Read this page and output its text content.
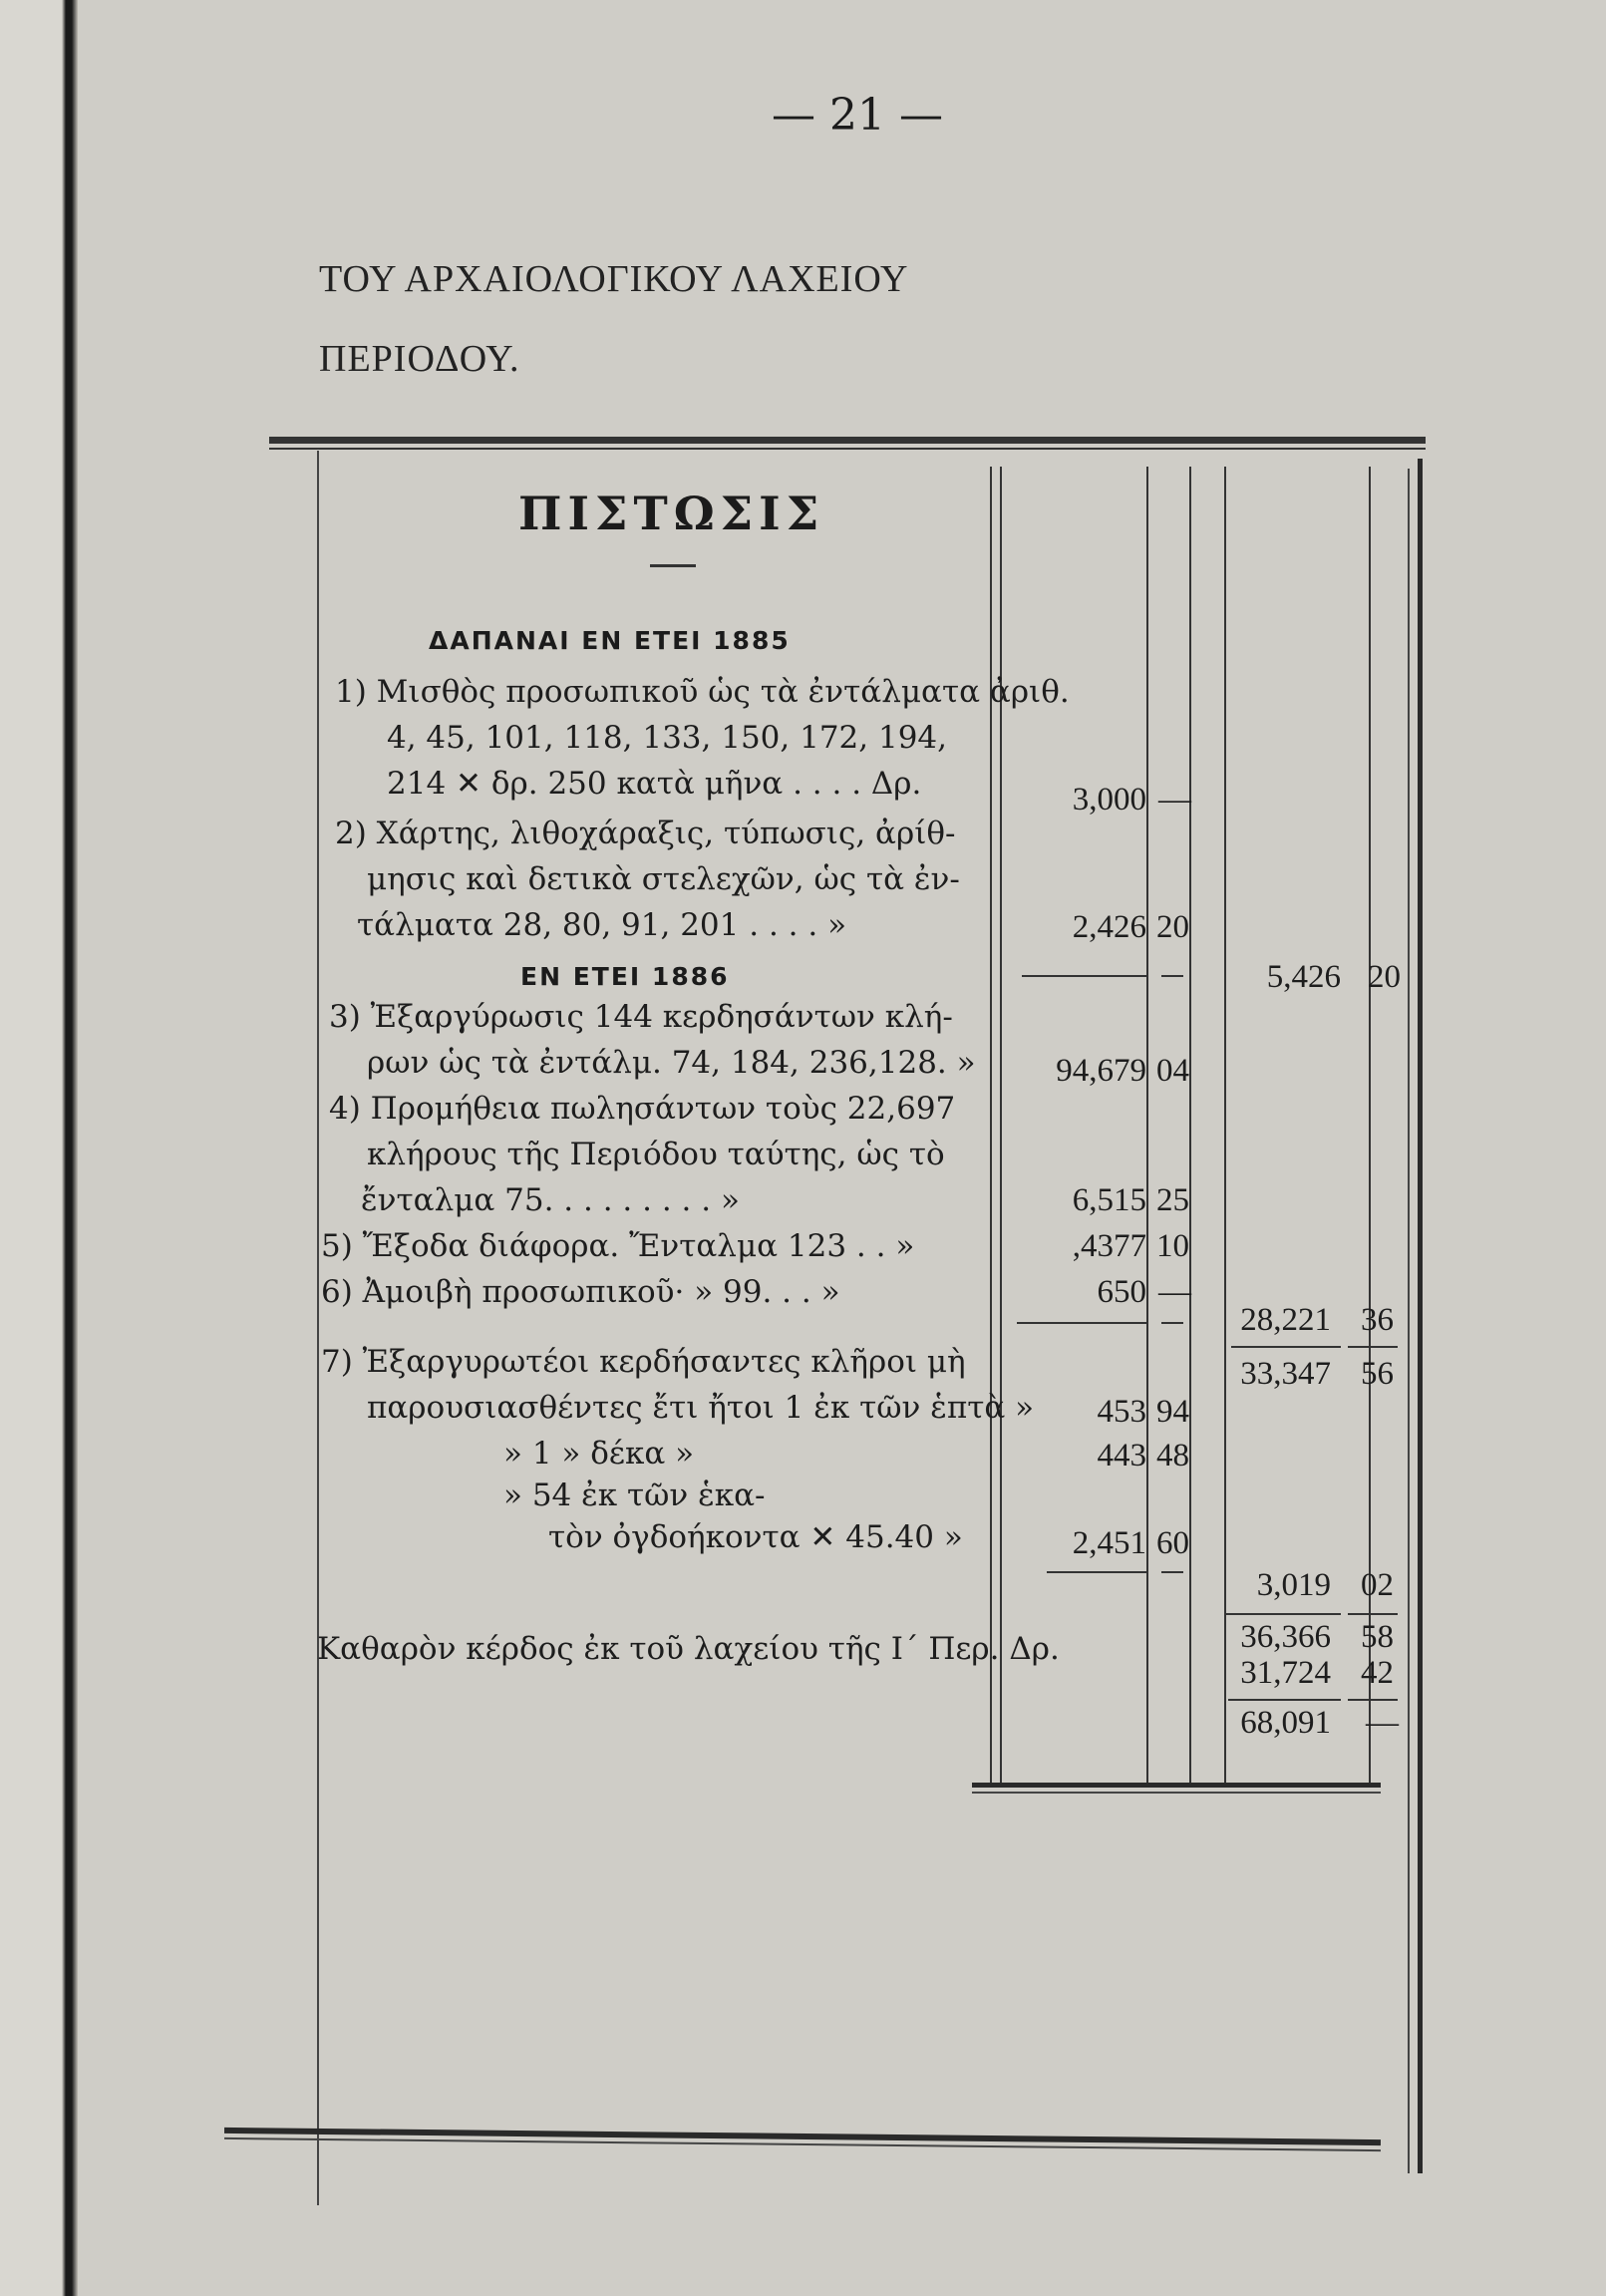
— 21 —
ΤΟΥ ΑΡΧΑΙΟΛΟΓΙΚΟΥ ΛΑΧΕΙΟΥ
ΠΕΡΙΟΔΟΥ.
ΠΙΣΤΩΣΙΣ
ΔΑΠΑΝΑΙ ΕΝ ΕΤΕΙ 1885
ΕΝ ΕΤΕΙ 1886
1) Μισθὸς προσωπικοῦ ὡς τὰ ἐντάλματα ἀριθ.
4, 45, 101, 118, 133, 150, 172, 194,
214 ✕ δρ. 250 κατὰ μῆνα . . . . Δρ.
2) Χάρτης, λιθοχάραξις, τύπωσις, ἀρίθ-
μησις καὶ δετικὰ στελεχῶν, ὡς τὰ ἐν-
τάλματα 28, 80, 91, 201 . . . . »
3) Ἐξαργύρωσις 144 κερδησάντων κλή-
ρων ὡς τὰ ἐντάλμ. 74, 184, 236,128. »
4) Προμήθεια πωλησάντων τοὺς 22,697
κλήρους τῆς Περιόδου ταύτης, ὡς τὸ
ἔνταλμα 75. . . . . . . . . »
5) Ἔξοδα διάφορα. Ἔνταλμα 123 . . »
6) Ἀμοιβὴ προσωπικοῦ· » 99. . . »
7) Ἐξαργυρωτέοι κερδήσαντες κλῆροι μὴ
παρουσιασθέντες ἔτι ἤτοι 1 ἐκ τῶν ἑπτὰ »
» 1 » δέκα »
» 54 ἐκ τῶν ἑκα-
τὸν ὀγδοήκοντα ✕ 45.40 »
Καθαρὸν κέρδος ἐκ τοῦ λαχείου τῆς Ι΄ Περ. Δρ.
3,000 —
2,426 20
94,679 04
6,515 25
,4377 10
650 —
453 94
443 48
2,451 60
5,426 20
28,221 36
33,347 56
3,019 02
36,366 58
31,724 42
68,091 —
